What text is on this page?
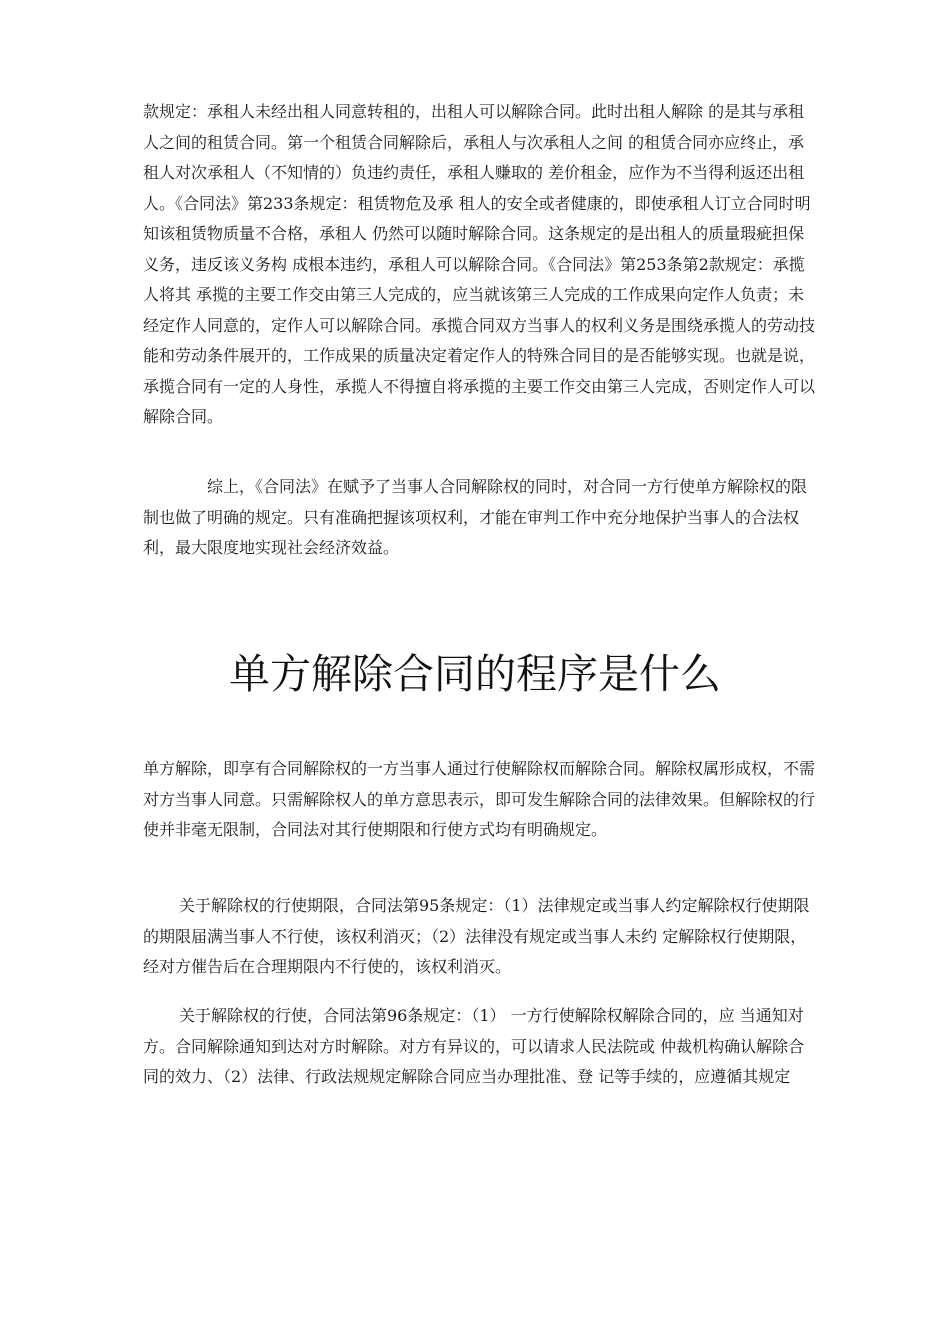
款规定：承租人未经出租人同意转租的，出租人可以解除合同。此时出租人解除 的是其与承租人之间的租赁合同。第一个租赁合同解除后，承租人与次承租人之间 的租赁合同亦应终止，承租人对次承租人（不知情的）负违约责任，承租人赚取的 差价租金，应作为不当得利返还出租人。《合同法》第233条规定：租赁物危及承 租人的安全或者健康的，即使承租人订立合同时明知该租赁物质量不合格，承租人 仍然可以随时解除合同。这条规定的是出租人的质量瑕疵担保义务，违反该义务构 成根本违约，承租人可以解除合同。《合同法》第253条第2款规定：承揽人将其 承揽的主要工作交由第三人完成的，应当就该第三人完成的工作成果向定作人负责；未经定作人同意的，定作人可以解除合同。承揽合同双方当事人的权利义务是围绕承揽人的劳动技能和劳动条件展开的，工作成果的质量决定着定作人的特殊合同目的是否能够实现。也就是说，承揽合同有一定的人身性，承揽人不得擅自将承揽的主要工作交由第三人完成，否则定作人可以解除合同。

综上，《合同法》在赋予了当事人合同解除权的同时，对合同一方行使单方解除权的限制也做了明确的规定。只有准确把握该项权利，才能在审判工作中充分地保护当事人的合法权利，最大限度地实现社会经济效益。

单方解除合同的程序是什么

单方解除，即享有合同解除权的一方当事人通过行使解除权而解除合同。解除权属形成权，不需对方当事人同意。只需解除权人的单方意思表示，即可发生解除合同的法律效果。但解除权的行使并非毫无限制，合同法对其行使期限和行使方式均有明确规定。

关于解除权的行使期限，合同法第95条规定：（1）法律规定或当事人约定解除权行使期限的期限届满当事人不行使，该权利消灭；（2）法律没有规定或当事人未约 定解除权行使期限，经对方催告后在合理期限内不行使的，该权利消灭。

关于解除权的行使，合同法第96条规定：（1） 一方行使解除权解除合同的，应 当通知对方。合同解除通知到达对方时解除。对方有异议的，可以请求人民法院或 仲裁机构确认解除合同的效力、（2）法律、行政法规规定解除合同应当办理批准、登 记等手续的，应遵循其规定
